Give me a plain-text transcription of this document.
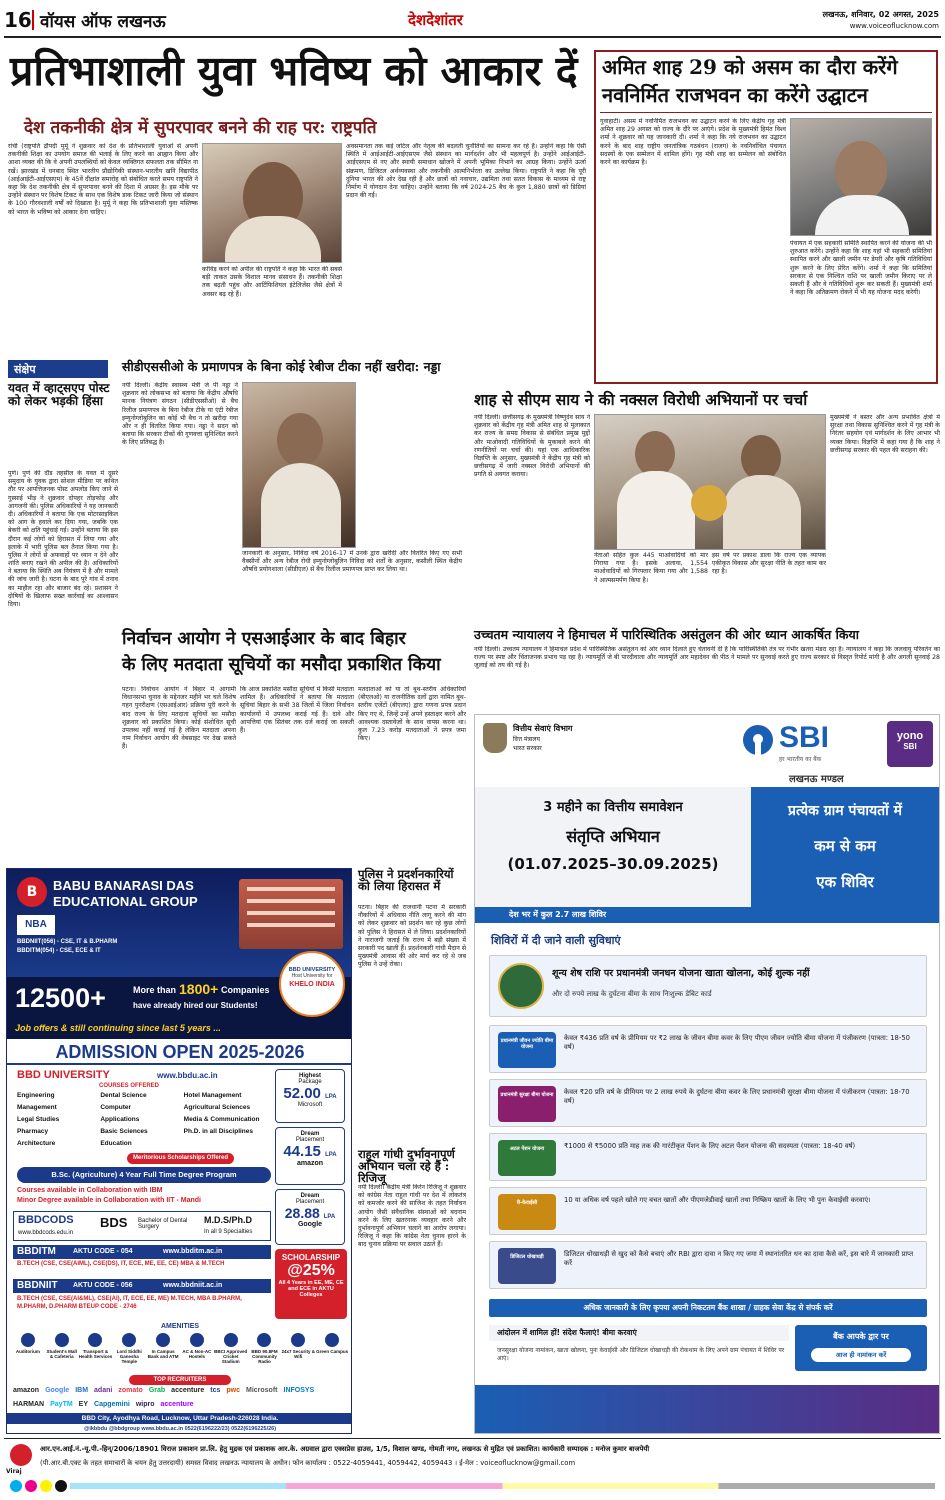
16 वॉयस ऑफ लखनऊ	देशदेशांतर	लखनऊ, शनिवार, 02 अगस्त, 2025
www.voiceoflucknow.com
प्रतिभाशाली युवा भविष्य को आकार दें
देश तकनीकी क्षेत्र में सुपरपावर बनने की राह पर: राष्ट्रपति
रांची (राष्ट्रपति द्रौपदी मुर्मू ने शुक्रवार को देश के प्रतिभाशाली युवाओं से अपनी तकनीकी शिक्षा का उपयोग समाज की भलाई के लिए करने का आह्वान किया और आशा व्यक्त की कि वे अपनी उपलब्धियों को केवल व्यक्तिगत सफलता तक सीमित ना रखें। झारखंड में धनबाद स्थित भारतीय प्रौद्योगिकी संस्थान-भारतीय खनि विद्यापीठ (आईआईटी-आईएसएम) के 45वें दीक्षांत समारोह को संबोधित करते समय राष्ट्रपति ने कहा कि देश तकनीकी क्षेत्र में सुपरपावर बनने की दिशा में अग्रसर है। इस मौके पर उन्होंने संस्थान पर विशेष टिकट के साथ एक विशेष डाक टिकट जारी किया जो संस्थान के 100 गौरवशाली वर्षों को दिखाता है। मुर्मू ने कहा कि प्रतिभाशाली युवा मस्तिष्क को भारत के भविष्य को आकार देना चाहिए।
कोविड़ करने को अपील की राष्ट्रपति ने कहा कि भारत की सबसे बड़ी ताकत उसके विशाल मानव संसाधन हैं। तकनीकी शिक्षा तक बढ़ती पहुंच और आर्टिफिशियल इंटेलिजेंस जैसे क्षेत्रों में अवसर बढ़ रहे हैं।
अवसमानता तक कई जटिल और नेतृत्व की बदलती चुनौतियों का सामना कर रहे हैं। उन्होंने कहा कि ऐसी स्थिति में आईआईटी-आईएसएम जैसे संस्थान का मार्गदर्शन और भी महत्वपूर्ण है। उन्होंने आईआईटी-आईएसएम से नए और स्थायी समाधान खोजने में अपनी भूमिका निभाने का आग्रह किया। उन्होंने ऊर्जा संक्रमण, डिजिटल अर्थव्यवस्था और तकनीकी आत्मनिर्भरता का उल्लेख किया। राष्ट्रपति ने कहा कि पूरी दुनिया भारत की ओर देख रही है और छात्रों को नवाचार, उद्यमिता तथा सतत विकास के माध्यम से राष्ट्र निर्माण में योगदान देना चाहिए। उन्होंने बताया कि वर्ष 2024-25 बैच के कुल 1,880 छात्रों को डिग्रियां प्रदान की गईं।
अमित शाह 29 को असम का दौरा करेंगे
नवनिर्मित राजभवन का करेंगे उद्घाटन
गुवाहाटी। असम में नवनिर्मित राजभवन का उद्घाटन करने के लिए केंद्रीय गृह मंत्री अमित शाह 29 अगस्त को राज्य के दौरे पर आएंगे। प्रदेश के मुख्यमंत्री हिमंत विश्व शर्मा ने शुक्रवार को यह जानकारी दी। शर्मा ने कहा कि नये राजभवन का उद्घाटन करने के बाद शाह राष्ट्रीय जनतांत्रिक गठबंधन (राजग) के नवनिर्वाचित पंचायत सदस्यों के एक सम्मेलन में शामिल होंगे। गृह मंत्री शाह का सम्मेलन को संबोधित करने का कार्यक्रम है।
पंचायत में एक सहकारी समिति स्थापित करने की योजना की भी शुरुआत करेंगे। उन्होंने कहा कि शाह यहां भी सहकारी समितियां स्थापित करने और खाली जमीन पर डेयरी और कृषि गतिविधियां शुरू करने के लिए प्रेरित करेंगे। शर्मा ने कहा कि समितियां सरकार से एक निश्चित राशि पर खाली जमीन किराए पर ले सकती हैं और वे गतिविधियों शुरू कर सकती हैं। मुख्यमंत्री शर्मा ने कहा कि अतिक्रमण रोकने में भी यह योजना मदद करेगी।
संक्षेप
यवत में व्हाट्सएप पोस्ट को लेकर भड़की हिंसा
पुणे। पुणे की दौंड तहसील के यवत में दूसरे समुदाय के युवक द्वारा सोशल मीडिया पर कथित तौर पर आपत्तिजनक पोस्ट अपलोड किए जाने से गुस्साई भीड़ ने शुक्रवार दोपहर तोड़फोड़ और आगजनी की। पुलिस अधिकारियों ने यह जानकारी दी। अधिकारियों ने बताया कि एक मोटरसाइकिल को आग के हवाले कर दिया गया, जबकि एक बेकरी को क्षति पहुंचाई गई। उन्होंने बताया कि इस दौरान कई लोगों को हिरासत में लिया गया और इलाके में भारी पुलिस बल तैनात किया गया है। पुलिस ने लोगों से अफवाहों पर ध्यान न देने और शांति बनाए रखने की अपील की है। अधिकारियों ने बताया कि स्थिति अब नियंत्रण में है और मामले की जांच जारी है। घटना के बाद पूरे गांव में तनाव का माहौल रहा और बाजार बंद रहे। प्रशासन ने दोषियों के खिलाफ सख्त कार्रवाई का आश्वासन दिया।
सीडीएससीओ के प्रमाणपत्र के बिना कोई रेबीज टीका नहीं खरीदा: नड्डा
नयी दिल्ली। केंद्रीय स्वास्थ्य मंत्री जे पी नड्डा ने शुक्रवार को लोकसभा को बताया कि केंद्रीय औषधि मानक नियंत्रण संगठन (सीडीएससीओ) से बैच रिलीज प्रमाणपत्र के बिना रेबीज टीके या एंटी रेबीज इम्युनोग्लोबुलिन का कोई भी बैच न तो खरीदा गया और न ही वितरित किया गया। नड्डा ने सदन को बताया कि सरकार टीकों की गुणवत्ता सुनिश्चित करने के लिए प्रतिबद्ध है।
जानकारी के अनुसार, निविदा वर्ष 2016-17 में उनके द्वारा खरीदी और वितरित किए गए सभी वैक्सीनों और अन्य रेबीज रोधी इम्युनोग्लोबुलिन निविदा को शर्तों के अनुसार, कसौली स्थित केंद्रीय औषधि प्रयोगशाला (सीडीएल) से बैच रिलीज प्रमाणपत्र प्राप्त कर लिया था।
शाह से सीएम साय ने की नक्सल विरोधी अभियानों पर चर्चा
नयी दिल्ली। छत्तीसगढ़ के मुख्यमंत्री विष्णुदेव साय ने शुक्रवार को केंद्रीय गृह मंत्री अमित शाह से मुलाकात कर राज्य के समग्र विकास से संबंधित प्रमुख मुद्दों और माओवादी गतिविधियों के मुकाबले करने की रणनीतियों पर चर्चा की। यहां एक आधिकारिक विज्ञप्ति के अनुसार, मुख्यमंत्री ने केंद्रीय गृह मंत्री को छत्तीसगढ़ में जारी नक्सल विरोधी अभियानों की प्रगति से अवगत कराया।
नेताओं सहित कुल 445 माओवादियों को मार गिराया गया है। इसके अलावा, 1,554 माओवादियों को गिरफ्तार किया गया और 1,588 ने आत्मसमर्पण किया है।
इस वर्ष पर प्रकाश डाला कि राज्य एक व्यापक एकीकृत विकास और सुरक्षा नीति के तहत काम कर रहा है।
मुख्यमंत्री ने बस्तर और अन्य प्रभावित क्षेत्रों में सुरक्षा तथा विकास सुनिश्चित करने में गृह मंत्री के निरंतर सहयोग एवं मार्गदर्शन के लिए आभार भी व्यक्त किया। विज्ञप्ति में कहा गया है कि शाह ने छत्तीसगढ़ सरकार की पहल की सराहना की।
उच्चतम न्यायालय ने हिमाचल में पारिस्थितिक असंतुलन की ओर ध्यान आकर्षित किया
नयी दिल्ली। उच्चतम न्यायालय ने हिमाचल प्रदेश में पारिस्थितिक असंतुलन को ओर ध्यान दिलाते हुए चेतावनी दी है कि पारिस्थितिकी तंत्र पर गंभीर खतरा मंडरा रहा है। न्यायालय ने कहा कि जलवायु परिवर्तन का राज्य पर स्पष्ट और चिंताजनक प्रभाव पड़ रहा है। न्यायमूर्ति जे बी पारदीवाला और न्यायमूर्ति आर महादेवन की पीठ ने मामले पर सुनवाई करते हुए राज्य सरकार से विस्तृत रिपोर्ट मांगी है और अगली सुनवाई 28 जुलाई को तय की गई है।
निर्वाचन आयोग ने एसआईआर के बाद बिहार
के लिए मतदाता सूचियों का मसौदा प्रकाशित किया
पटना। निर्वाचन आयोग ने बिहार में आगामी विधानसभा चुनाव के मद्देनजर महीने भर चले विशेष गहन पुनरीक्षण (एसआईआर) प्रक्रिया पूरी करने के बाद राज्य के लिए मतदाता सूचियों का मसौदा शुक्रवार को प्रकाशित किया। कोई संशोधित सूची उपलब्ध नहीं कराई गई है लेकिन मतदाता अपना नाम निर्वाचन आयोग की वेबसाइट पर देख सकते हैं।
कि आज प्रकाशित मसौदा सूचियों में किसी मतदाता शामिल हैं। अधिकारियों ने बताया कि मतदाता सूचियां बिहार के सभी 38 जिलों में जिला निर्वाचन कार्यालयों में उपलब्ध कराई गई हैं। दावे और आपत्तियां एक सितंबर तक दर्ज कराई जा सकती हैं।
मतदाताओं को या तो बूथ-स्तरीय अधिकारियों (बीएलओ) या राजनीतिक दलों द्वारा नामित बूथ-स्तरीय एजेंटों (बीएलए) द्वारा गणना प्रपत्र प्रदान किए गए थे, जिन्हें उन्हें अपने हस्ताक्षर करने और आवश्यक दस्तावेजों के साथ वापस करना था। कुल 7.23 करोड़ मतदाताओं ने प्रपत्र जमा किए।
पुलिस ने प्रदर्शनकारियों को लिया हिरासत में
पटना। बिहार की राजधानी पटना में सरकारी नौकरियों में अधिवास नीति लागू करने की मांग को लेकर शुक्रवार को प्रदर्शन कर रहे कुछ लोगों को पुलिस ने हिरासत में ले लिया। प्रदर्शनकारियों ने नाराजगी जताई कि राज्य में बड़ी संख्या में सरकारी पद खाली हैं। प्रदर्शनकारी गांधी मैदान से मुख्यमंत्री आवास की ओर मार्च कर रहे थे जब पुलिस ने उन्हें रोका।
राहुल गांधी दुर्भावनापूर्ण अभियान चला रहे हैं : रिजिजू
नयी दिल्ली। केंद्रीय मंत्री किरेन रिजिजू ने शुक्रवार को कांग्रेस नेता राहुल गांधी पर देश में लोकतंत्र को कमजोर करने की साजिश के तहत निर्वाचन आयोग जैसी संवैधानिक संस्थाओं को बदनाम करने के लिए खतरनाक व्यवहार करने और दुर्भावनापूर्ण अभियान चलाने का आरोप लगाया। रिजिजू ने कहा कि कांग्रेस नेता चुनाव हारने के बाद चुनाव प्रक्रिया पर सवाल उठाते हैं।
B	BABU BANARASI DAS
EDUCATIONAL GROUP
NBA
BBDNIIT(056) - CSE, IT & B.PHARM
BBDITM(054) - CSE, ECE & IT
12500+	More than 1800+ Companies
have already hired our Students!
BBD UNIVERSITY
Host University for
KHELO INDIA
Job offers & still continuing since last 5 years ...
ADMISSION OPEN 2025-2026
BBD UNIVERSITY	www.bbdu.ac.in
COURSES OFFERED
Engineering	Dental Science	Hotel Management
Management	Computer	Agricultural Sciences
Legal Studies	Applications	Media & Communication
Pharmacy	Basic Sciences	Ph.D. in all Disciplines
Architecture	Education
Meritorious Scholarships Offered
Highest
Package
52.00 LPA
Microsoft
Dream
Placement
44.15 LPA
amazon
B.Sc. (Agriculture) 4 Year Full Time Degree Program
Courses available in Collaboration with IBM
Minor Degree available in Collaboration with IIT - Mandi
Dream
Placement
28.88 LPA
Google
BBDCODS
www.bbdcods.edu.in
BDS Bachelor of Dental Surgery
M.D.S/Ph.D
In all 9 Specialties
BBDITM AKTU CODE - 054	www.bbditm.ac.in
B.TECH (CSE, CSE(AIML), CSE(DS), IT, ECE, ME, EE, CE) MBA & M.TECH
BBDNIIT AKTU CODE - 056	www.bbdniit.ac.in
B.TECH (CSE, CSE(AI&ML), CSE(AI), IT, ECE, EE, ME) M.TECH, MBA B.PHARM, M.PHARM, D.PHARM BTEUP CODE - 2746
SCHOLARSHIP
@25%
All 4 Years in EE, ME, CE and ECE in AKTU Colleges
AMENITIES
Auditorium	Student's Mall & Cafeteria
Transport & Health Services
Lord Siddhi Ganesha Temple
In Campus Bank and ATM
AC & Non-AC Hostels
BBCI Approved Cricket Stadium
BBD 90.8FM Community Radio
24x7 Security & Wifi
Green Campus
TOP RECRUITERS
amazon Google IBM adani zomato Grab accenture tcs pwc Microsoft INFOSYS
HARMAN PayTM EY Capgemini wipro accenture
BBD City, Ayodhya Road, Lucknow, Uttar Pradesh-226028 India.
@ikbbdu @bbdgroup www.bbdu.ac.in 0522(6196222/23) 0522(6196225/26)
वित्तीय सेवाएं विभाग
वित्त मंत्रालय
भारत सरकार	SBI
हर भारतीय का बैंक
yono
SBI
लखनऊ मण्डल
3 महीने का वित्तीय समावेशन
संतृप्ति अभियान
(01.07.2025–30.09.2025)
देश भर में कुल 2.7 लाख शिविर
प्रत्येक ग्राम पंचायतों में
कम से कम
एक शिविर
शिविरों में दी जाने वाली सुविधाएं
शून्य शेष राशि पर प्रधानमंत्री जनधन योजना खाता खोलना, कोई शुल्क नहीं
और दो रुपये लाख के दुर्घटना बीमा के साथ निःशुल्क डेबिट कार्ड
प्रधानमंत्री जीवन ज्योति बीमा योजना
केवल ₹436 प्रति वर्ष के प्रीमियम पर ₹2 लाख के जीवन बीमा कवर के लिए पीएम जीवन ज्योति बीमा योजना में पंजीकरण (पात्रता: 18-50 वर्ष)
प्रधानमंत्री सुरक्षा बीमा योजना	केवल ₹20 प्रति वर्ष के प्रीमियम पर 2 लाख रुपये के दुर्घटना बीमा कवर के लिए प्रधानमंत्री सुरक्षा बीमा योजना में पंजीकरण (पात्रता: 18-70 वर्ष)
अटल पेंशन योजना	₹1000 से ₹5000 प्रति माह तक की गारंटीकृत पेंशन के लिए अटल पेंशन योजना की सदस्यता (पात्रता: 18-40 वर्ष)
री-केवाईसी	10 या अधिक वर्ष पहले खोले गए बचत खातों और पीएमजेडीवाई खातों तथा निष्क्रिय खातों के लिए भी पुनः केवाईसी करवाएं।
डिजिटल धोखाधड़ी	डिजिटल धोखाधड़ी से खुद को कैसे बचाएं और RBI द्वारा दावा न किए गए जमा में स्थानांतरित धन का दावा कैसे करें, इस बारे में जानकारी प्राप्त करें
अधिक जानकारी के लिए कृपया अपनी निकटतम बैंक शाखा / ग्राहक सेवा केंद्र से संपर्क करें
आंदोलन में शामिल हों! संदेश फैलाएं! बीमा करवाएं
जनसुरक्षा योजना नामांकन, खाता खोलना, पुनः केवाईसी और डिजिटल धोखाधड़ी की रोकथाम के लिए अपने ग्राम पंचायत में शिविर पर आएं।
बैंक आपके द्वार पर
आज ही नामांकन करें
Viraj
आर.एन.आई.नं.-यू.पी.-हिन्/2006/18901 विराज प्रकाशन प्रा.लि. हेतु मुद्रक एवं प्रकाशक आर.के. अग्रवाल द्वारा एक्सप्रेस हाउस, 1/5, विशाल खण्ड, गोमती नगर, लखनऊ से मुद्रित एवं प्रकाशित। कार्यकारी सम्पादक : मनोज कुमार बाजपेयी
(पी.आर.बी.एक्ट के तहत समाचारों के चयन हेतु उत्तरदायी) समस्त विवाद लखनऊ न्यायालय के अधीन। फोन कार्यालय : 0522-4059441, 4059442, 4059443 । ई-मेल : voiceoflucknow@gmail.com
